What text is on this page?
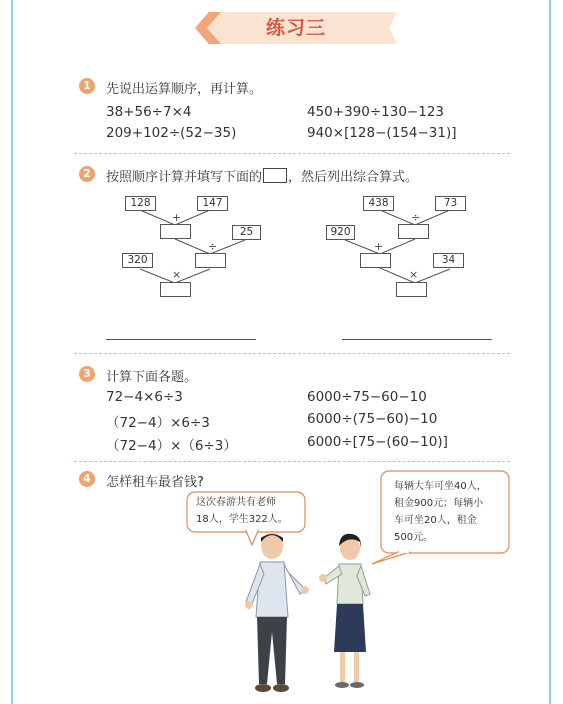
练习三
1	先说出运算顺序，再计算。
38+56÷7×4	450+390÷130−123
209+102÷(52−35)	940×[128−(154−31)]
2	按照顺序计算并填写下面的 ，然后列出综合算式。
128	147
+
25
÷
320
×
438	73
÷
920
+
34
×
3	计算下面各题。
72−4×6÷3	6000÷75−60−10
（72−4）×6÷3	6000÷(75−60)−10
（72−4）×（6÷3）	6000÷[75−(60−10)]
4	怎样租车最省钱?
这次春游共有老师
18人，学生322人。
每辆大车可坐40人，
租金900元；每辆小
车可坐20人，租金
500元。
